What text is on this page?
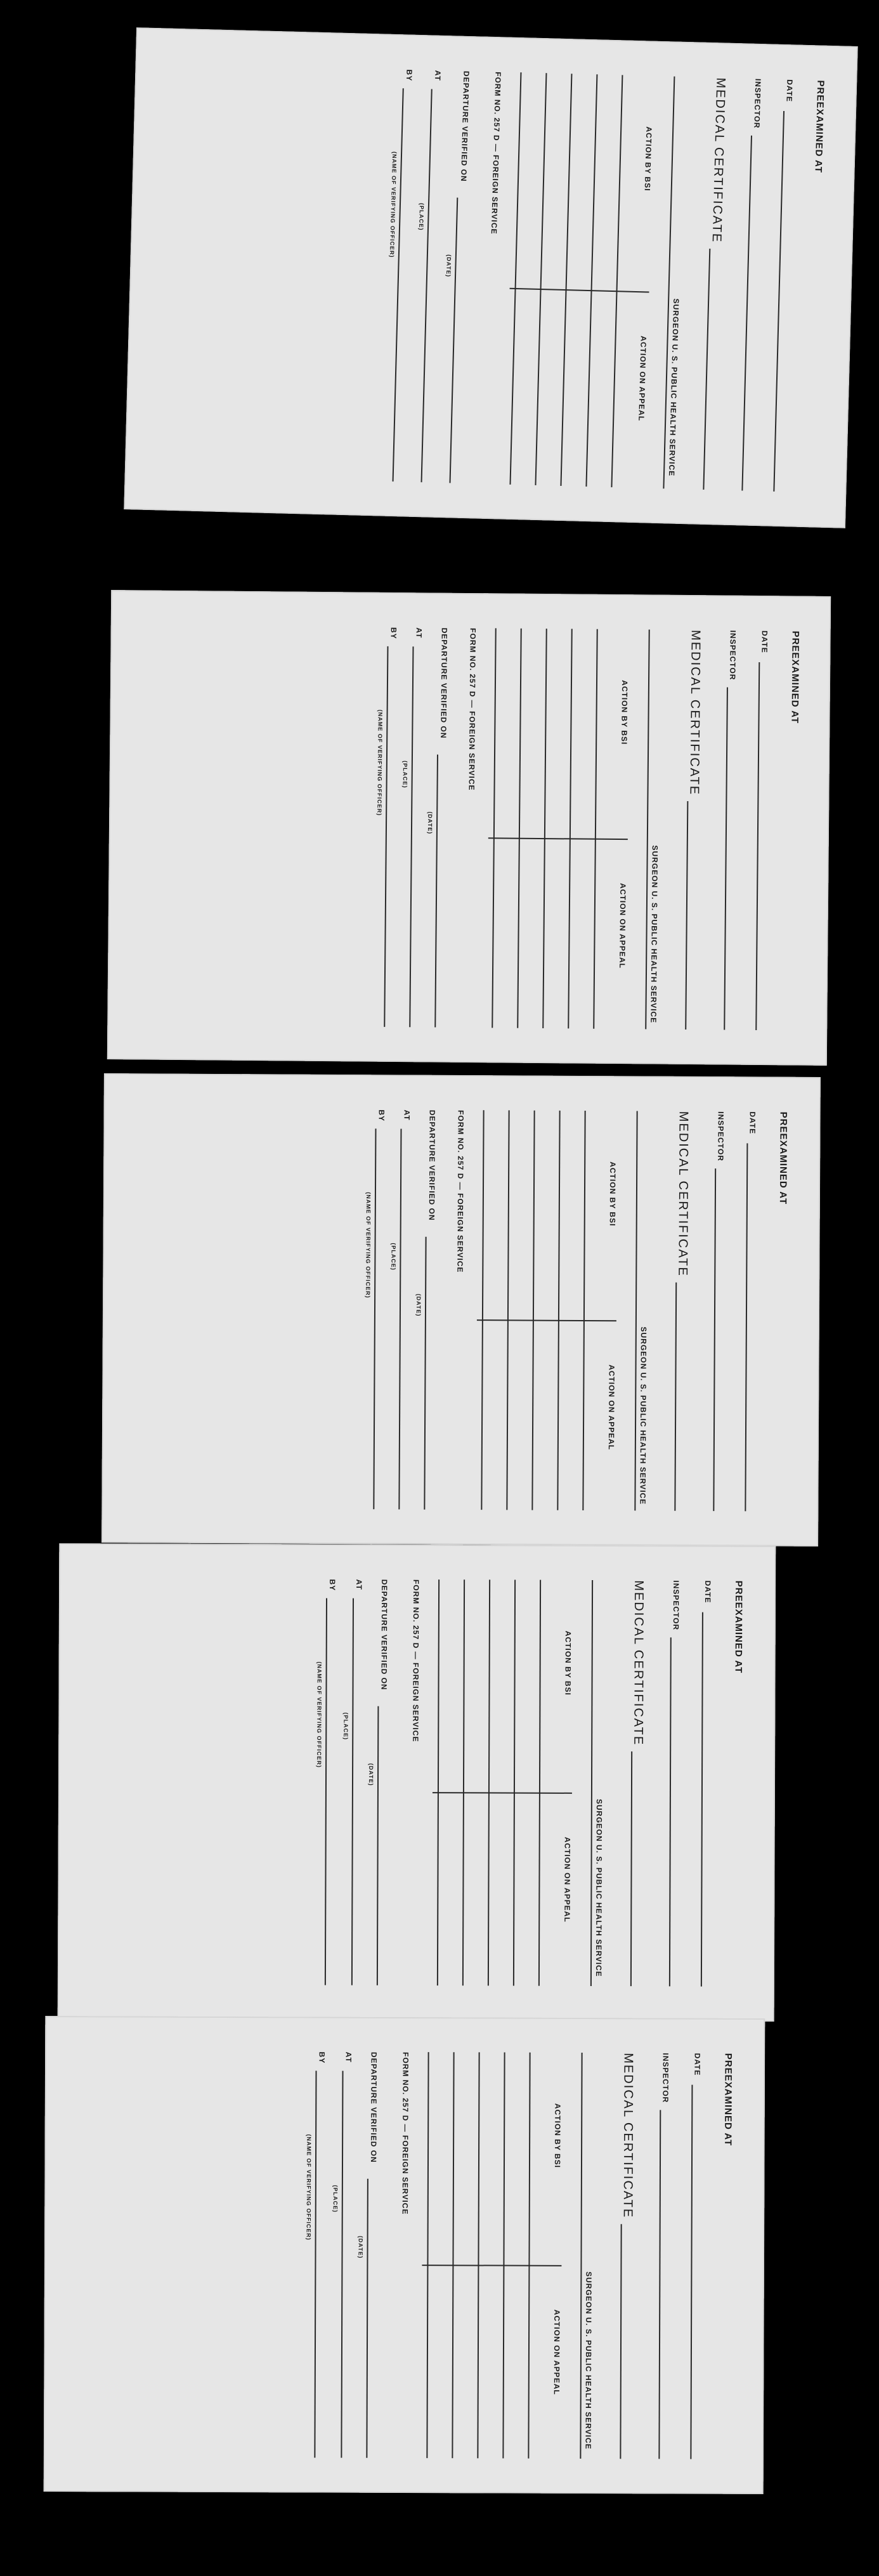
PREEXAMINED AT
DATE
INSPECTOR
MEDICAL CERTIFICATE
SURGEON U. S. PUBLIC HEALTH SERVICE
ACTION BY BSI
ACTION ON APPEAL
FORM NO. 257 D — FOREIGN SERVICE
DEPARTURE VERIFIED ON
(DATE)
AT
(PLACE)
BY
(NAME OF VERIFYING OFFICER)
PREEXAMINED AT
DATE
INSPECTOR
MEDICAL CERTIFICATE
SURGEON U. S. PUBLIC HEALTH SERVICE
ACTION BY BSI
ACTION ON APPEAL
FORM NO. 257 D — FOREIGN SERVICE
DEPARTURE VERIFIED ON
(DATE)
AT
(PLACE)
BY
(NAME OF VERIFYING OFFICER)
PREEXAMINED AT
DATE
INSPECTOR
MEDICAL CERTIFICATE
SURGEON U. S. PUBLIC HEALTH SERVICE
ACTION BY BSI
ACTION ON APPEAL
FORM NO. 257 D — FOREIGN SERVICE
DEPARTURE VERIFIED ON
(DATE)
AT
(PLACE)
BY
(NAME OF VERIFYING OFFICER)
PREEXAMINED AT
DATE
INSPECTOR
MEDICAL CERTIFICATE
SURGEON U. S. PUBLIC HEALTH SERVICE
ACTION BY BSI
ACTION ON APPEAL
FORM NO. 257 D — FOREIGN SERVICE
DEPARTURE VERIFIED ON
(DATE)
AT
(PLACE)
BY
(NAME OF VERIFYING OFFICER)
PREEXAMINED AT
DATE
INSPECTOR
MEDICAL CERTIFICATE
SURGEON U. S. PUBLIC HEALTH SERVICE
ACTION BY BSI
ACTION ON APPEAL
FORM NO. 257 D — FOREIGN SERVICE
DEPARTURE VERIFIED ON
(DATE)
AT
(PLACE)
BY
(NAME OF VERIFYING OFFICER)
